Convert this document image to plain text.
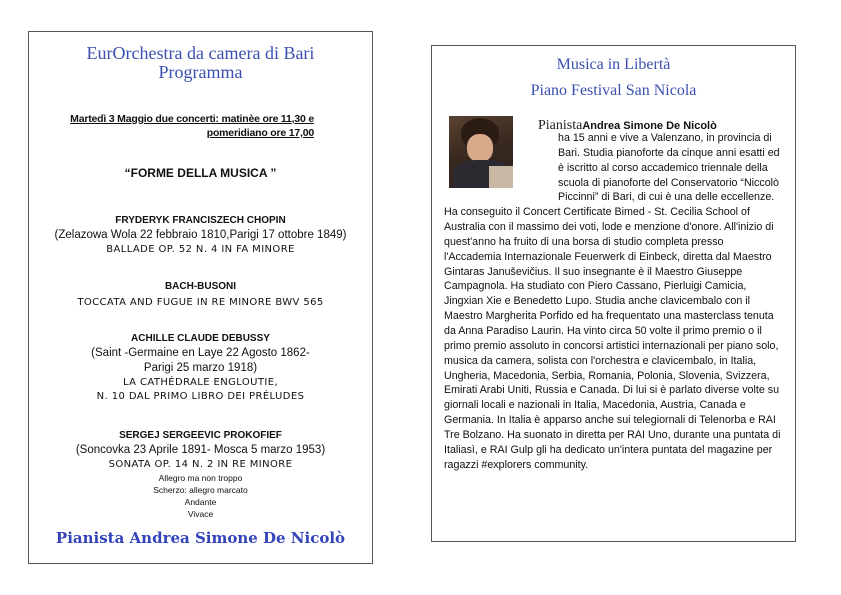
EurOrchestra da camera di Bari
Programma
Martedì 3 Maggio due concerti: matinèe ore 11,30 e
pomeridiano ore 17,00
“FORME DELLA MUSICA ”
FRYDERYK FRANCISZECH CHOPIN
(Zelazowa Wola 22 febbraio 1810,Parigi 17 ottobre 1849)
BALLADE OP. 52 N. 4 IN FA MINORE
BACH-BUSONI
TOCCATA AND FUGUE IN RE MINORE BWV 565
ACHILLE CLAUDE DEBUSSY
(Saint -Germaine en Laye 22 Agosto 1862-
Parigi 25 marzo 1918)
LA CATHÉDRALE ENGLOUTIE,
N. 10 DAL PRIMO LIBRO DEI PRÉLUDES
SERGEJ SERGEEVIC PROKOFIEF
(Soncovka 23 Aprile 1891- Mosca 5 marzo 1953)
SONATA OP. 14 N. 2 IN RE MINORE
Allegro ma non troppo
Scherzo: allegro marcato
Andante
Vivace
Pianista Andrea Simone De Nicolò
Musica in Libertà
Piano Festival San Nicola
PianistaAndrea Simone De Nicolò

ha 15 anni e vive a Valenzano, in provincia di Bari. Studia pianoforte da cinque anni esatti ed è iscritto al corso accademico triennale della scuola di pianoforte del Conservatorio “Niccolò Piccinni” di Bari, di cui è una delle eccellenze. Ha conseguito il Concert Certificate Bimed - St. Cecilia School of Australia con il massimo dei voti, lode e menzione d'onore. All'inizio di quest'anno ha fruito di una borsa di studio completa presso l'Accademia Internazionale Feuerwerk di Einbeck, diretta dal Maestro Gintaras Januševičius. Il suo insegnante è il Maestro Giuseppe Campagnola. Ha studiato con Piero Cassano, Pierluigi Camicia, Jingxian Xie e Benedetto Lupo. Studia anche clavicembalo con il Maestro Margherita Porfido ed ha frequentato una masterclass tenuta da Anna Paradiso Laurin. Ha vinto circa 50 volte il primo premio o il primo premio assoluto in concorsi artistici internazionali per piano solo, musica da camera, solista con l'orchestra e clavicembalo, in Italia, Ungheria, Macedonia, Serbia, Romania, Polonia, Slovenia, Svizzera, Emirati Arabi Uniti, Russia e Canada. Di lui si è parlato diverse volte su giornali locali e nazionali in Italia, Macedonia, Austria, Canada e Germania. In Italia è apparso anche sui telegiornali di Telenorba e RAI Tre Bolzano. Ha suonato in diretta per RAI Uno, durante una puntata di Italiasì, e RAI Gulp gli ha dedicato un'intera puntata del magazine per ragazzi #explorers community.
